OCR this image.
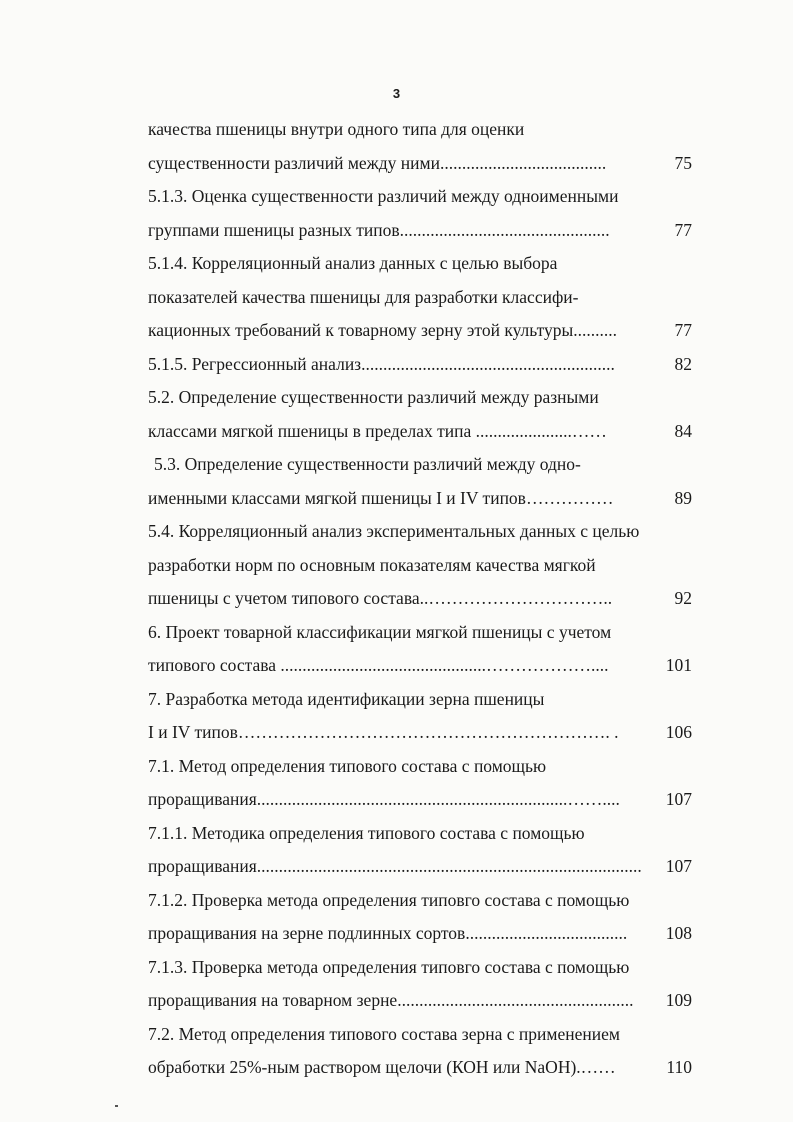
3
качества пшеницы внутри одного типа для оценки
существенности различий между ними......................................	75
5.1.3. Оценка существенности различий между одноименными
группами пшеницы разных типов................................................	77
5.1.4. Корреляционный анализ данных с целью выбора
показателей качества пшеницы для разработки классифи-
кационных требований к товарному зерну этой культуры..........	77
5.1.5. Регрессионный анализ..........................................................	82
5.2. Определение существенности различий между разными
классами мягкой пшеницы в пределах типа ......................……	84
5.3. Определение существенности различий между одно-
именными классами мягкой пшеницы I и IV типов……………	89
5.4. Корреляционный анализ экспериментальных данных с целью
разработки норм по основным показателям качества мягкой
пшеницы с учетом типового состава..…………………………..	92
6. Проект товарной классификации мягкой пшеницы с учетом
типового состава ...............................................………………....	101
7. Разработка метода идентификации зерна пшеницы
I и IV типов………………………………………………………. .	106
7.1. Метод определения типового состава с помощью
проращивания.......................................................................……....	107
7.1.1. Методика определения типового состава с помощью
проращивания........................................................................................ 107
7.1.2. Проверка метода определения типовго состава с помощью
проращивания на зерне подлинных сортов..................................... 108
7.1.3. Проверка метода определения типовго состава с помощью
проращивания на товарном зерне...................................................... 109
7.2. Метод определения типового состава зерна с применением
обработки 25%-ным раствором щелочи (КОН или NaOH).……	110
